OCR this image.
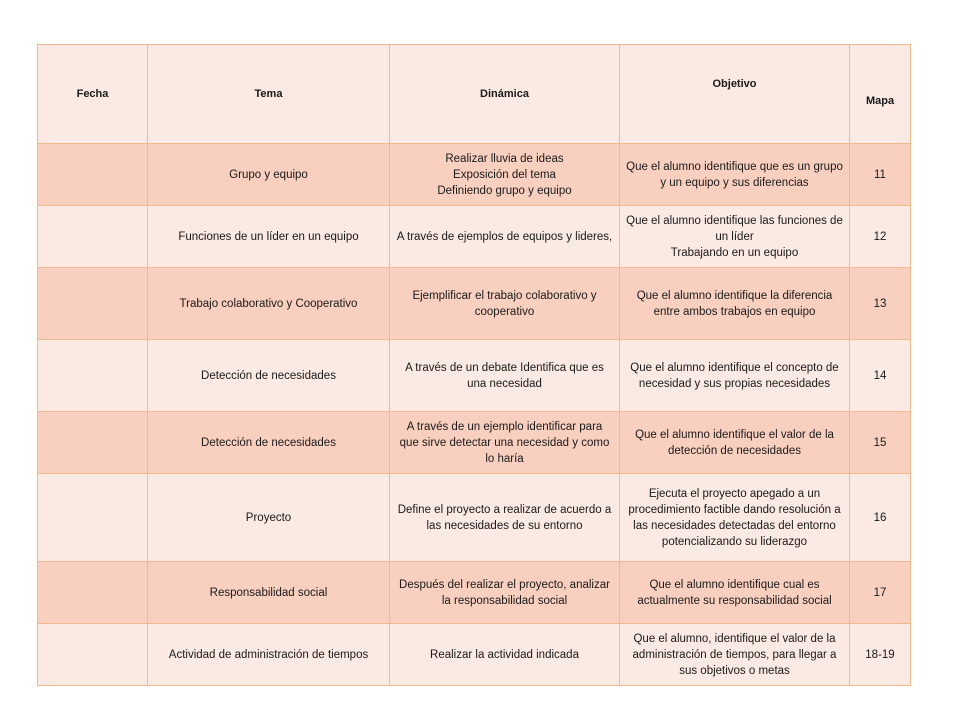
Fecha	Tema	Dinámica	Objetivo	Mapa
	Grupo y equipo	Realizar lluvia de ideas
Exposición del tema
Definiendo grupo y equipo	Que el alumno identifique que es un grupo y un equipo y sus diferencias	11
	Funciones de un líder en un equipo	A través de ejemplos de equipos y lideres,	Que el alumno identifique las funciones de un líder
Trabajando en un equipo	12
	Trabajo colaborativo y Cooperativo	Ejemplificar el trabajo colaborativo y cooperativo	Que el alumno identifique la diferencia entre ambos trabajos en equipo	13
	Detección de necesidades	A través de un debate Identifica que es una necesidad	Que el alumno identifique el concepto de necesidad y sus propias necesidades	14
	Detección de necesidades	A través de un ejemplo identificar para que sirve detectar una necesidad y como lo haría	Que el alumno identifique el valor de la detección de necesidades	15
	Proyecto	Define el proyecto a realizar de acuerdo a las necesidades de su entorno	Ejecuta el proyecto apegado a un procedimiento factible dando resolución a las necesidades detectadas del entorno potencializando su liderazgo	16
	Responsabilidad social	Después del realizar el proyecto, analizar la responsabilidad social	Que el alumno identifique cual es actualmente su responsabilidad social	17
	Actividad de administración de tiempos	Realizar la actividad indicada	Que el alumno, identifique el valor de la administración de tiempos, para llegar a sus objetivos o metas	18-19
